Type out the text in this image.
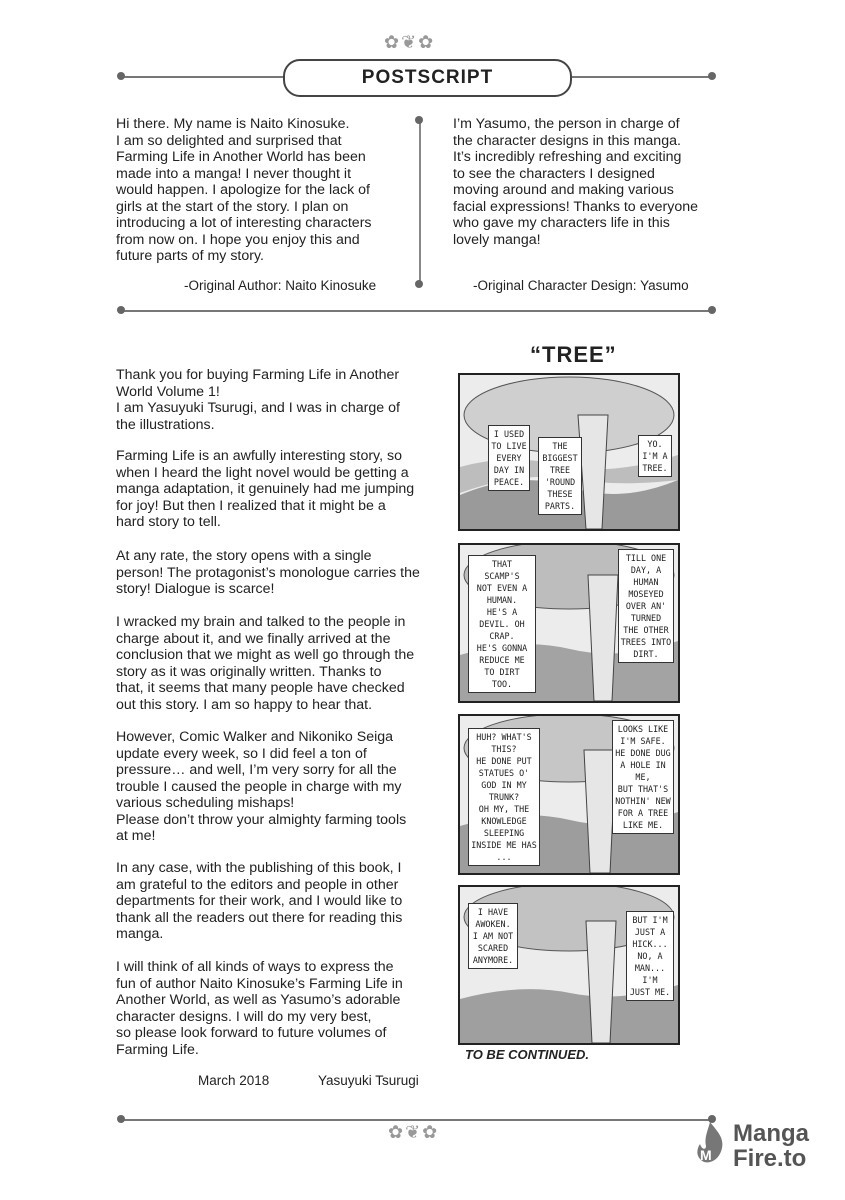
✿❦✿
POSTSCRIPT
Hi there. My name is Naito Kinosuke.
I am so delighted and surprised that
Farming Life in Another World has been
made into a manga! I never thought it
would happen. I apologize for the lack of
girls at the start of the story. I plan on
introducing a lot of interesting characters
from now on. I hope you enjoy this and
future parts of my story.
-Original Author: Naito Kinosuke
I’m Yasumo, the person in charge of
the character designs in this manga.
It’s incredibly refreshing and exciting
to see the characters I designed
moving around and making various
facial expressions! Thanks to everyone
who gave my characters life in this
lovely manga!
-Original Character Design: Yasumo
Thank you for buying Farming Life in Another
World Volume 1!
I am Yasuyuki Tsurugi, and I was in charge of
the illustrations.
Farming Life is an awfully interesting story, so
when I heard the light novel would be getting a
manga adaptation, it genuinely had me jumping
for joy! But then I realized that it might be a
hard story to tell.
At any rate, the story opens with a single
person! The protagonist’s monologue carries the
story! Dialogue is scarce!
I wracked my brain and talked to the people in
charge about it, and we finally arrived at the
conclusion that we might as well go through the
story as it was originally written. Thanks to
that, it seems that many people have checked
out this story. I am so happy to hear that.
However, Comic Walker and Nikoniko Seiga
update every week, so I did feel a ton of
pressure… and well, I’m very sorry for all the
trouble I caused the people in charge with my
various scheduling mishaps!
Please don’t throw your almighty farming tools
at me!
In any case, with the publishing of this book, I
am grateful to the editors and people in other
departments for their work, and I would like to
thank all the readers out there for reading this
manga.
I will think of all kinds of ways to express the
fun of author Naito Kinosuke’s Farming Life in
Another World, as well as Yasumo’s adorable
character designs. I will do my very best,
so please look forward to future volumes of
Farming Life.
March 2018	Yasuyuki Tsurugi
“TREE”
I USED
TO LIVE
EVERY
DAY IN
PEACE.
THE
BIGGEST
TREE
'ROUND
THESE
PARTS.
YO.
I'M A
TREE.
THAT
SCAMP'S
NOT EVEN A
HUMAN.
HE'S A
DEVIL. OH
CRAP.
HE'S GONNA
REDUCE ME
TO DIRT
TOO.
TILL ONE
DAY, A
HUMAN
MOSEYED
OVER AN'
TURNED
THE OTHER
TREES INTO
DIRT.
HUH? WHAT'S
THIS?
HE DONE PUT
STATUES O'
GOD IN MY
TRUNK?
OH MY, THE
KNOWLEDGE
SLEEPING
INSIDE ME HAS
...
LOOKS LIKE
I'M SAFE.
HE DONE DUG
A HOLE IN ME,
BUT THAT'S
NOTHIN' NEW
FOR A TREE
LIKE ME.
I HAVE
AWOKEN.
I AM NOT
SCARED
ANYMORE.
BUT I'M
JUST A
HICK...
NO, A
MAN...
I'M
JUST ME.
TO BE CONTINUED.
✿❦✿
M
Manga
Fire.to
